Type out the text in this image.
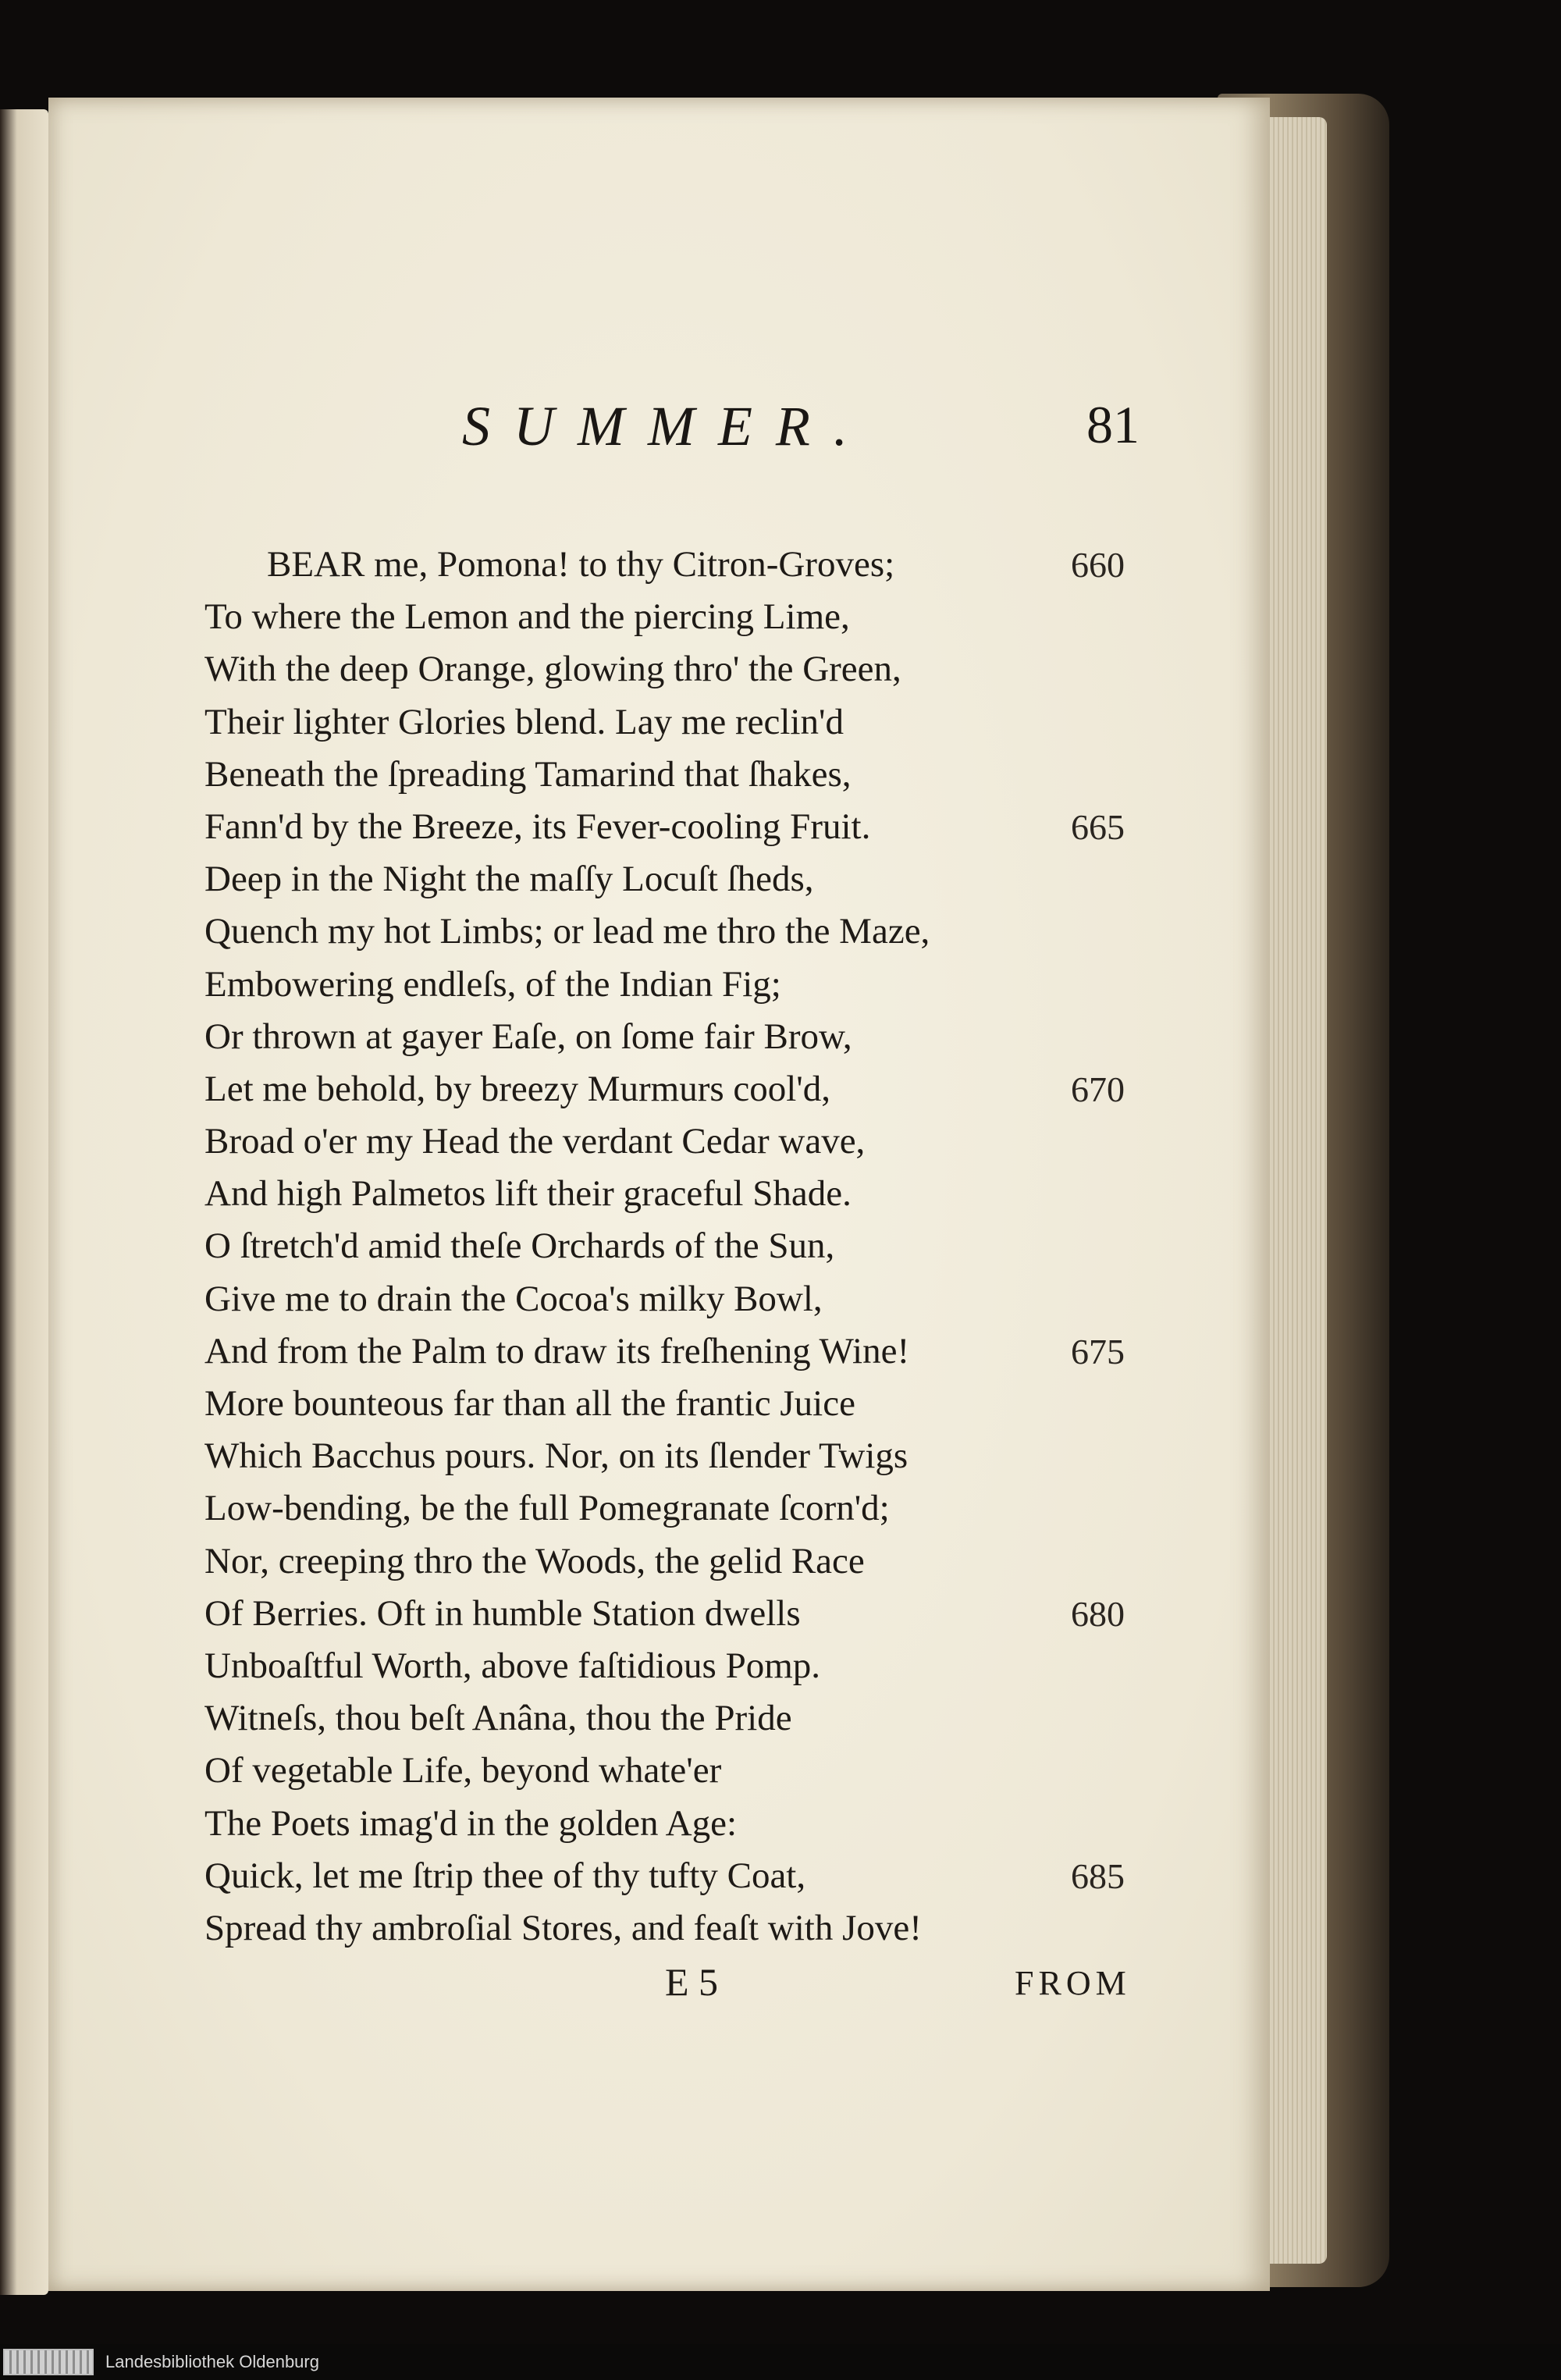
SUMMER.	81
BEAR me, Pomona! to thy Citron-Groves;	660
To where the Lemon and the piercing Lime,
With the deep Orange, glowing thro' the Green,
Their lighter Glories blend. Lay me reclin'd
Beneath the ſpreading Tamarind that ſhakes,
Fann'd by the Breeze, its Fever-cooling Fruit.	665
Deep in the Night the maſſy Locuſt ſheds,
Quench my hot Limbs; or lead me thro the Maze,
Embowering endleſs, of the Indian Fig;
Or thrown at gayer Eaſe, on ſome fair Brow,
Let me behold, by breezy Murmurs cool'd,	670
Broad o'er my Head the verdant Cedar wave,
And high Palmetos lift their graceful Shade.
O ſtretch'd amid theſe Orchards of the Sun,
Give me to drain the Cocoa's milky Bowl,
And from the Palm to draw its freſhening Wine!	675
More bounteous far than all the frantic Juice
Which Bacchus pours. Nor, on its ſlender Twigs
Low-bending, be the full Pomegranate ſcorn'd;
Nor, creeping thro the Woods, the gelid Race
Of Berries. Oft in humble Station dwells	680
Unboaſtful Worth, above faſtidious Pomp.
Witneſs, thou beſt Anâna, thou the Pride
Of vegetable Life, beyond whate'er
The Poets imag'd in the golden Age:
Quick, let me ſtrip thee of thy tufty Coat,	685
Spread thy ambroſial Stores, and feaſt with Jove!
E 5	FROM
Landesbibliothek Oldenburg
